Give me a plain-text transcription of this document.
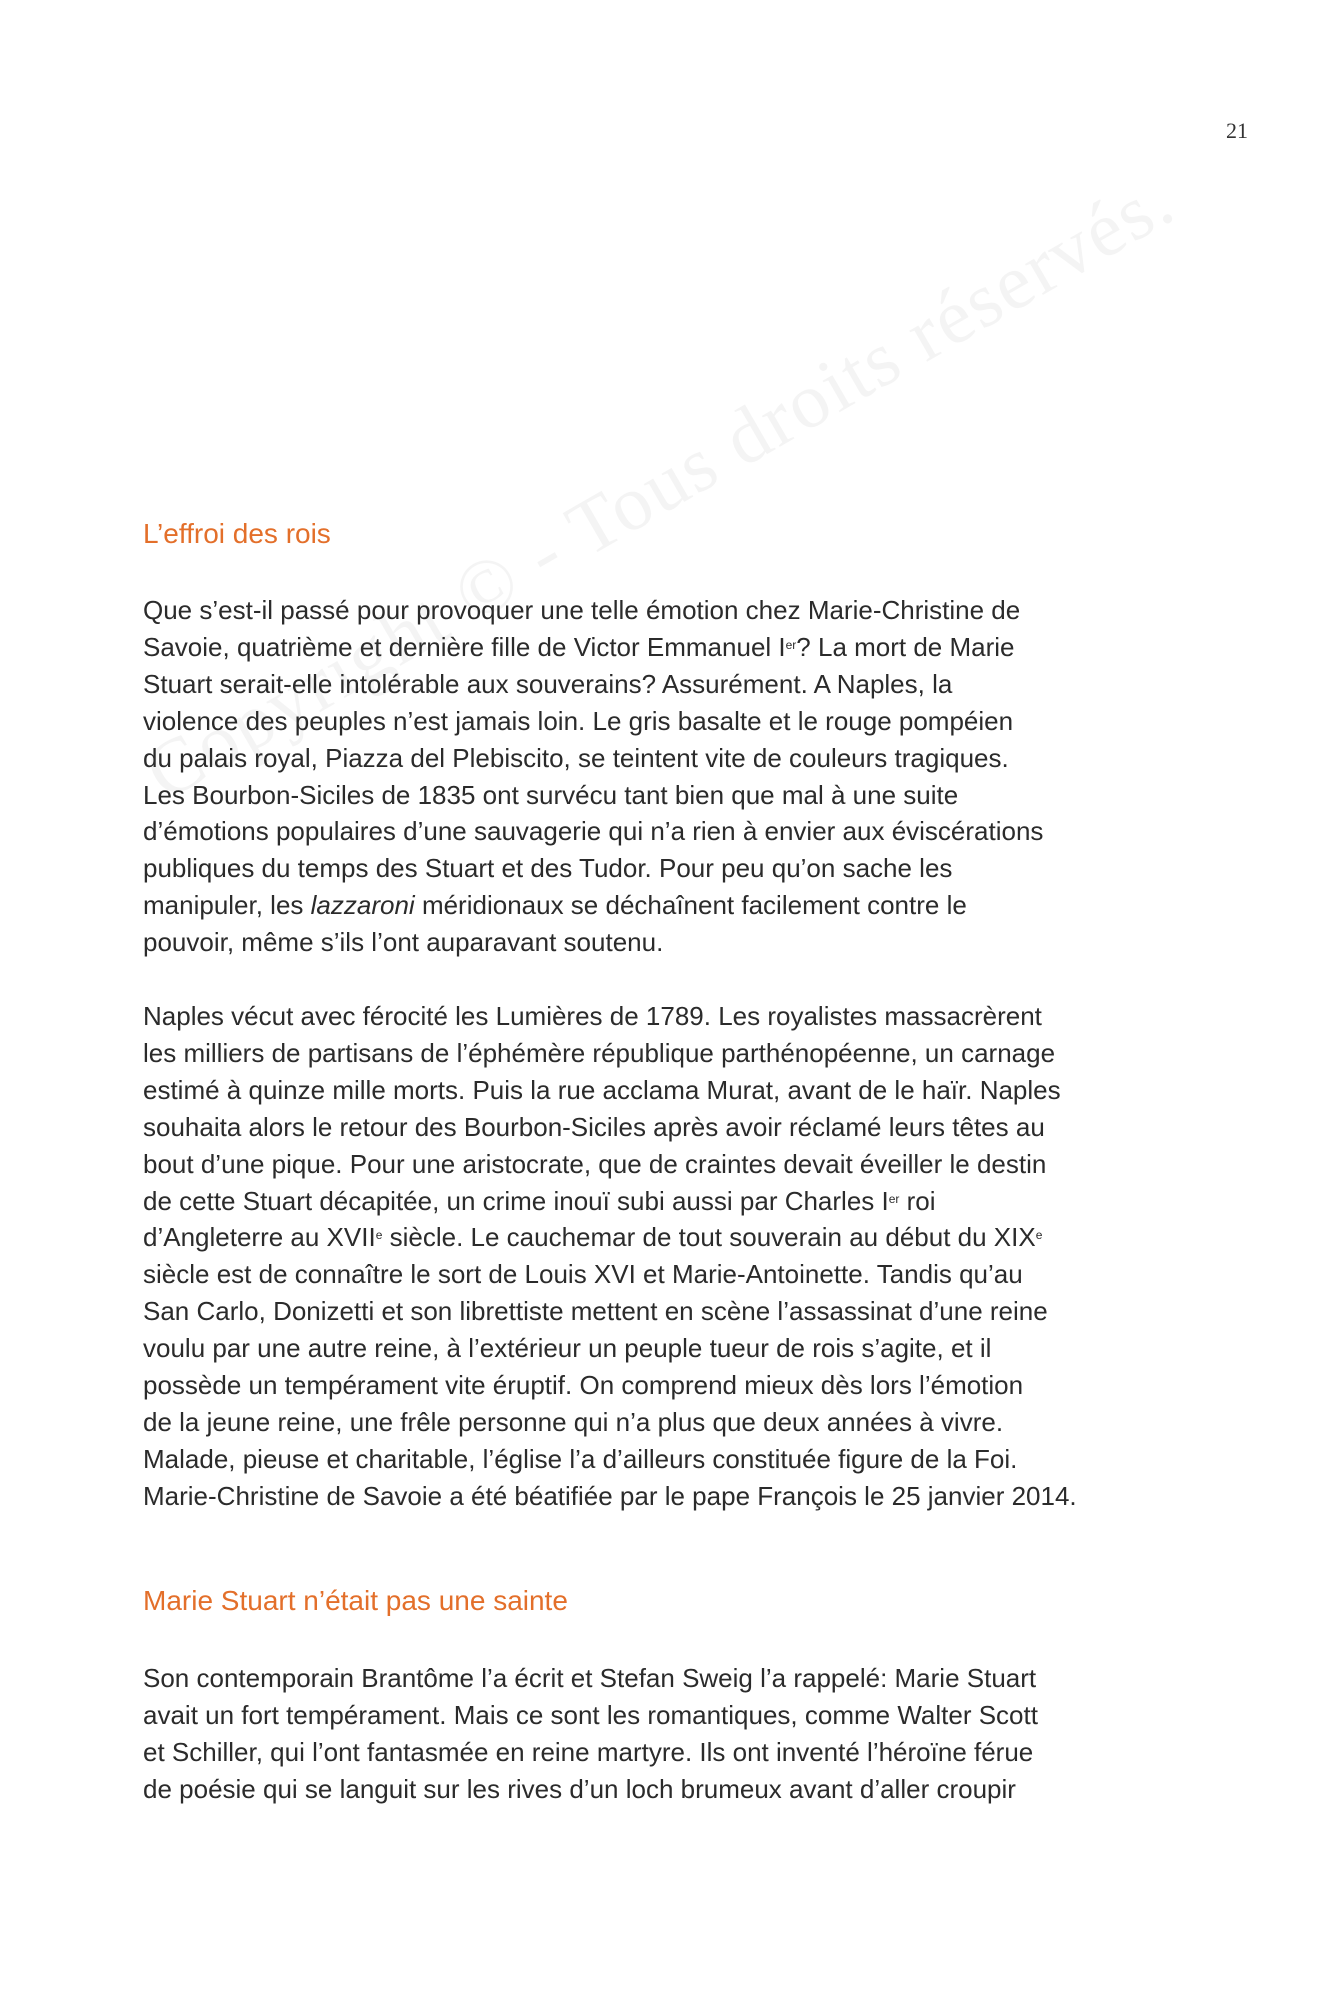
21
L’effroi des rois

Que s’est-il passé pour provoquer une telle émotion chez Marie-Christine de
Savoie, quatrième et dernière fille de Victor Emmanuel Ier? La mort de Marie
Stuart serait-elle intolérable aux souverains? Assurément. A Naples, la
violence des peuples n’est jamais loin. Le gris basalte et le rouge pompéien
du palais royal, Piazza del Plebiscito, se teintent vite de couleurs tragiques.
Les Bourbon-Siciles de 1835 ont survécu tant bien que mal à une suite
d’émotions populaires d’une sauvagerie qui n’a rien à envier aux éviscérations
publiques du temps des Stuart et des Tudor. Pour peu qu’on sache les
manipuler, les lazzaroni méridionaux se déchaînent facilement contre le
pouvoir, même s’ils l’ont auparavant soutenu.

Naples vécut avec férocité les Lumières de 1789. Les royalistes massacrèrent
les milliers de partisans de l’éphémère république parthénopéenne, un carnage
estimé à quinze mille morts. Puis la rue acclama Murat, avant de le haïr. Naples
souhaita alors le retour des Bourbon-Siciles après avoir réclamé leurs têtes au
bout d’une pique. Pour une aristocrate, que de craintes devait éveiller le destin
de cette Stuart décapitée, un crime inouï subi aussi par Charles Ier roi
d’Angleterre au XVIIe siècle. Le cauchemar de tout souverain au début du XIXe
siècle est de connaître le sort de Louis XVI et Marie-Antoinette. Tandis qu’au
San Carlo, Donizetti et son librettiste mettent en scène l’assassinat d’une reine
voulu par une autre reine, à l’extérieur un peuple tueur de rois s’agite, et il
possède un tempérament vite éruptif. On comprend mieux dès lors l’émotion
de la jeune reine, une frêle personne qui n’a plus que deux années à vivre.
Malade, pieuse et charitable, l’église l’a d’ailleurs constituée figure de la Foi.
Marie-Christine de Savoie a été béatifiée par le pape François le 25 janvier 2014.

Marie Stuart n’était pas une sainte

Son contemporain Brantôme l’a écrit et Stefan Sweig l’a rappelé: Marie Stuart
avait un fort tempérament. Mais ce sont les romantiques, comme Walter Scott
et Schiller, qui l’ont fantasmée en reine martyre. Ils ont inventé l’héroïne férue
de poésie qui se languit sur les rives d’un loch brumeux avant d’aller croupir
